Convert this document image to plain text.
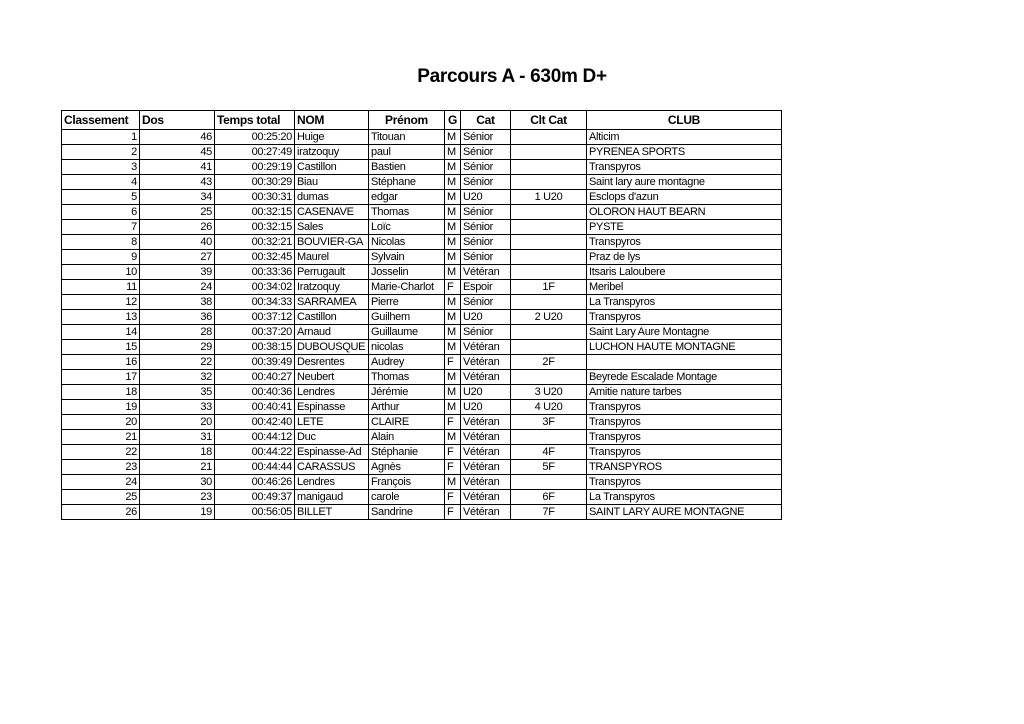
Parcours A - 630m D+
Classement	Dos	Temps total	NOM	Prénom	G	Cat	Clt Cat	CLUB
1	46	00:25:20	Huige	Titouan	M	Sénior		Alticim
2	45	00:27:49	iratzoquy	paul	M	Sénior		PYRENEA SPORTS
3	41	00:29:19	Castillon	Bastien	M	Sénior		Transpyros
4	43	00:30:29	Biau	Stéphane	M	Sénior		Saint lary aure montagne
5	34	00:30:31	dumas	edgar	M	U20	1 U20	Esclops d'azun
6	25	00:32:15	CASENAVE	Thomas	M	Sénior		OLORON HAUT BEARN
7	26	00:32:15	Sales	Loïc	M	Sénior		PYSTE
8	40	00:32:21	BOUVIER-GA	Nicolas	M	Sénior		Transpyros
9	27	00:32:45	Maurel	Sylvain	M	Sénior		Praz de lys
10	39	00:33:36	Perrugault	Josselin	M	Vétéran		Itsaris Laloubere
11	24	00:34:02	Iratzoquy	Marie-Charlot	F	Espoir	1F	Meribel
12	38	00:34:33	SARRAMEA	Pierre	M	Sénior		La Transpyros
13	36	00:37:12	Castillon	Guilhem	M	U20	2 U20	Transpyros
14	28	00:37:20	Arnaud	Guillaume	M	Sénior		Saint Lary Aure Montagne
15	29	00:38:15	DUBOUSQUE	nicolas	M	Vétéran		LUCHON HAUTE MONTAGNE
16	22	00:39:49	Desrentes	Audrey	F	Vétéran	2F	
17	32	00:40:27	Neubert	Thomas	M	Vétéran		Beyrede Escalade Montage
18	35	00:40:36	Lendres	Jérémie	M	U20	3 U20	Amitie nature tarbes
19	33	00:40:41	Espinasse	Arthur	M	U20	4 U20	Transpyros
20	20	00:42:40	LETE	CLAIRE	F	Vétéran	3F	Transpyros
21	31	00:44:12	Duc	Alain	M	Vétéran		Transpyros
22	18	00:44:22	Espinasse-Ad	Stéphanie	F	Vétéran	4F	Transpyros
23	21	00:44:44	CARASSUS	Agnès	F	Vétéran	5F	TRANSPYROS
24	30	00:46:26	Lendres	François	M	Vétéran		Transpyros
25	23	00:49:37	manigaud	carole	F	Vétéran	6F	La Transpyros
26	19	00:56:05	BILLET	Sandrine	F	Vétéran	7F	SAINT LARY AURE MONTAGNE
